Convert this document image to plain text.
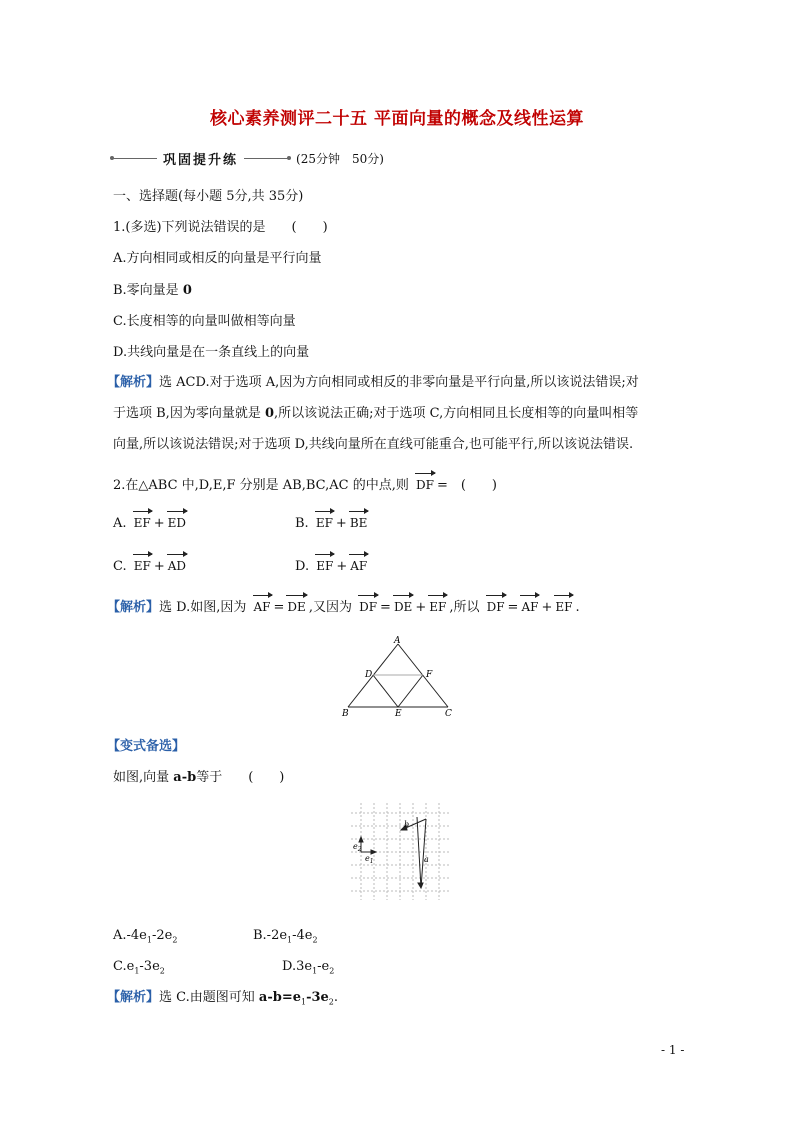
核心素养测评二十五 平面向量的概念及线性运算
巩固提升练	(25分钟　50分)
一、选择题(每小题 5分,共 35分)
1.(多选)下列说法错误的是　　(　　)
A.方向相同或相反的向量是平行向量
B.零向量是 0
C.长度相等的向量叫做相等向量
D.共线向量是在一条直线上的向量
【解析】选 ACD.对于选项 A,因为方向相同或相反的非零向量是平行向量,所以该说法错误;对
于选项 B,因为零向量就是 0,所以该说法正确;对于选项 C,方向相同且长度相等的向量叫相等
向量,所以该说法错误;对于选项 D,共线向量所在直线可能重合,也可能平行,所以该说法错误.
2.在△ABC 中,D,E,F 分别是 AB,BC,AC 的中点,则 DF =　(　　)
A. EF + ED	B. EF + BE
C. EF + AD	D. EF + AF
【解析】选 D.如图,因为 AF = DE ,又因为 DF = DE + EF ,所以 DF = AF + EF .
A
D	F
B	E	C
【变式备选】
如图,向量 a-b等于　　(　　)
b
a
$e_2$
$e_1$
$A.-4e_1-2e_2$	$B.-2e_1-4e_2$
$C.e_1-3e_2$	$D.3e_1-e_2$
【解析】选 C.由题图可知 $a-b=e_1-3e_2$.
- 1 -
